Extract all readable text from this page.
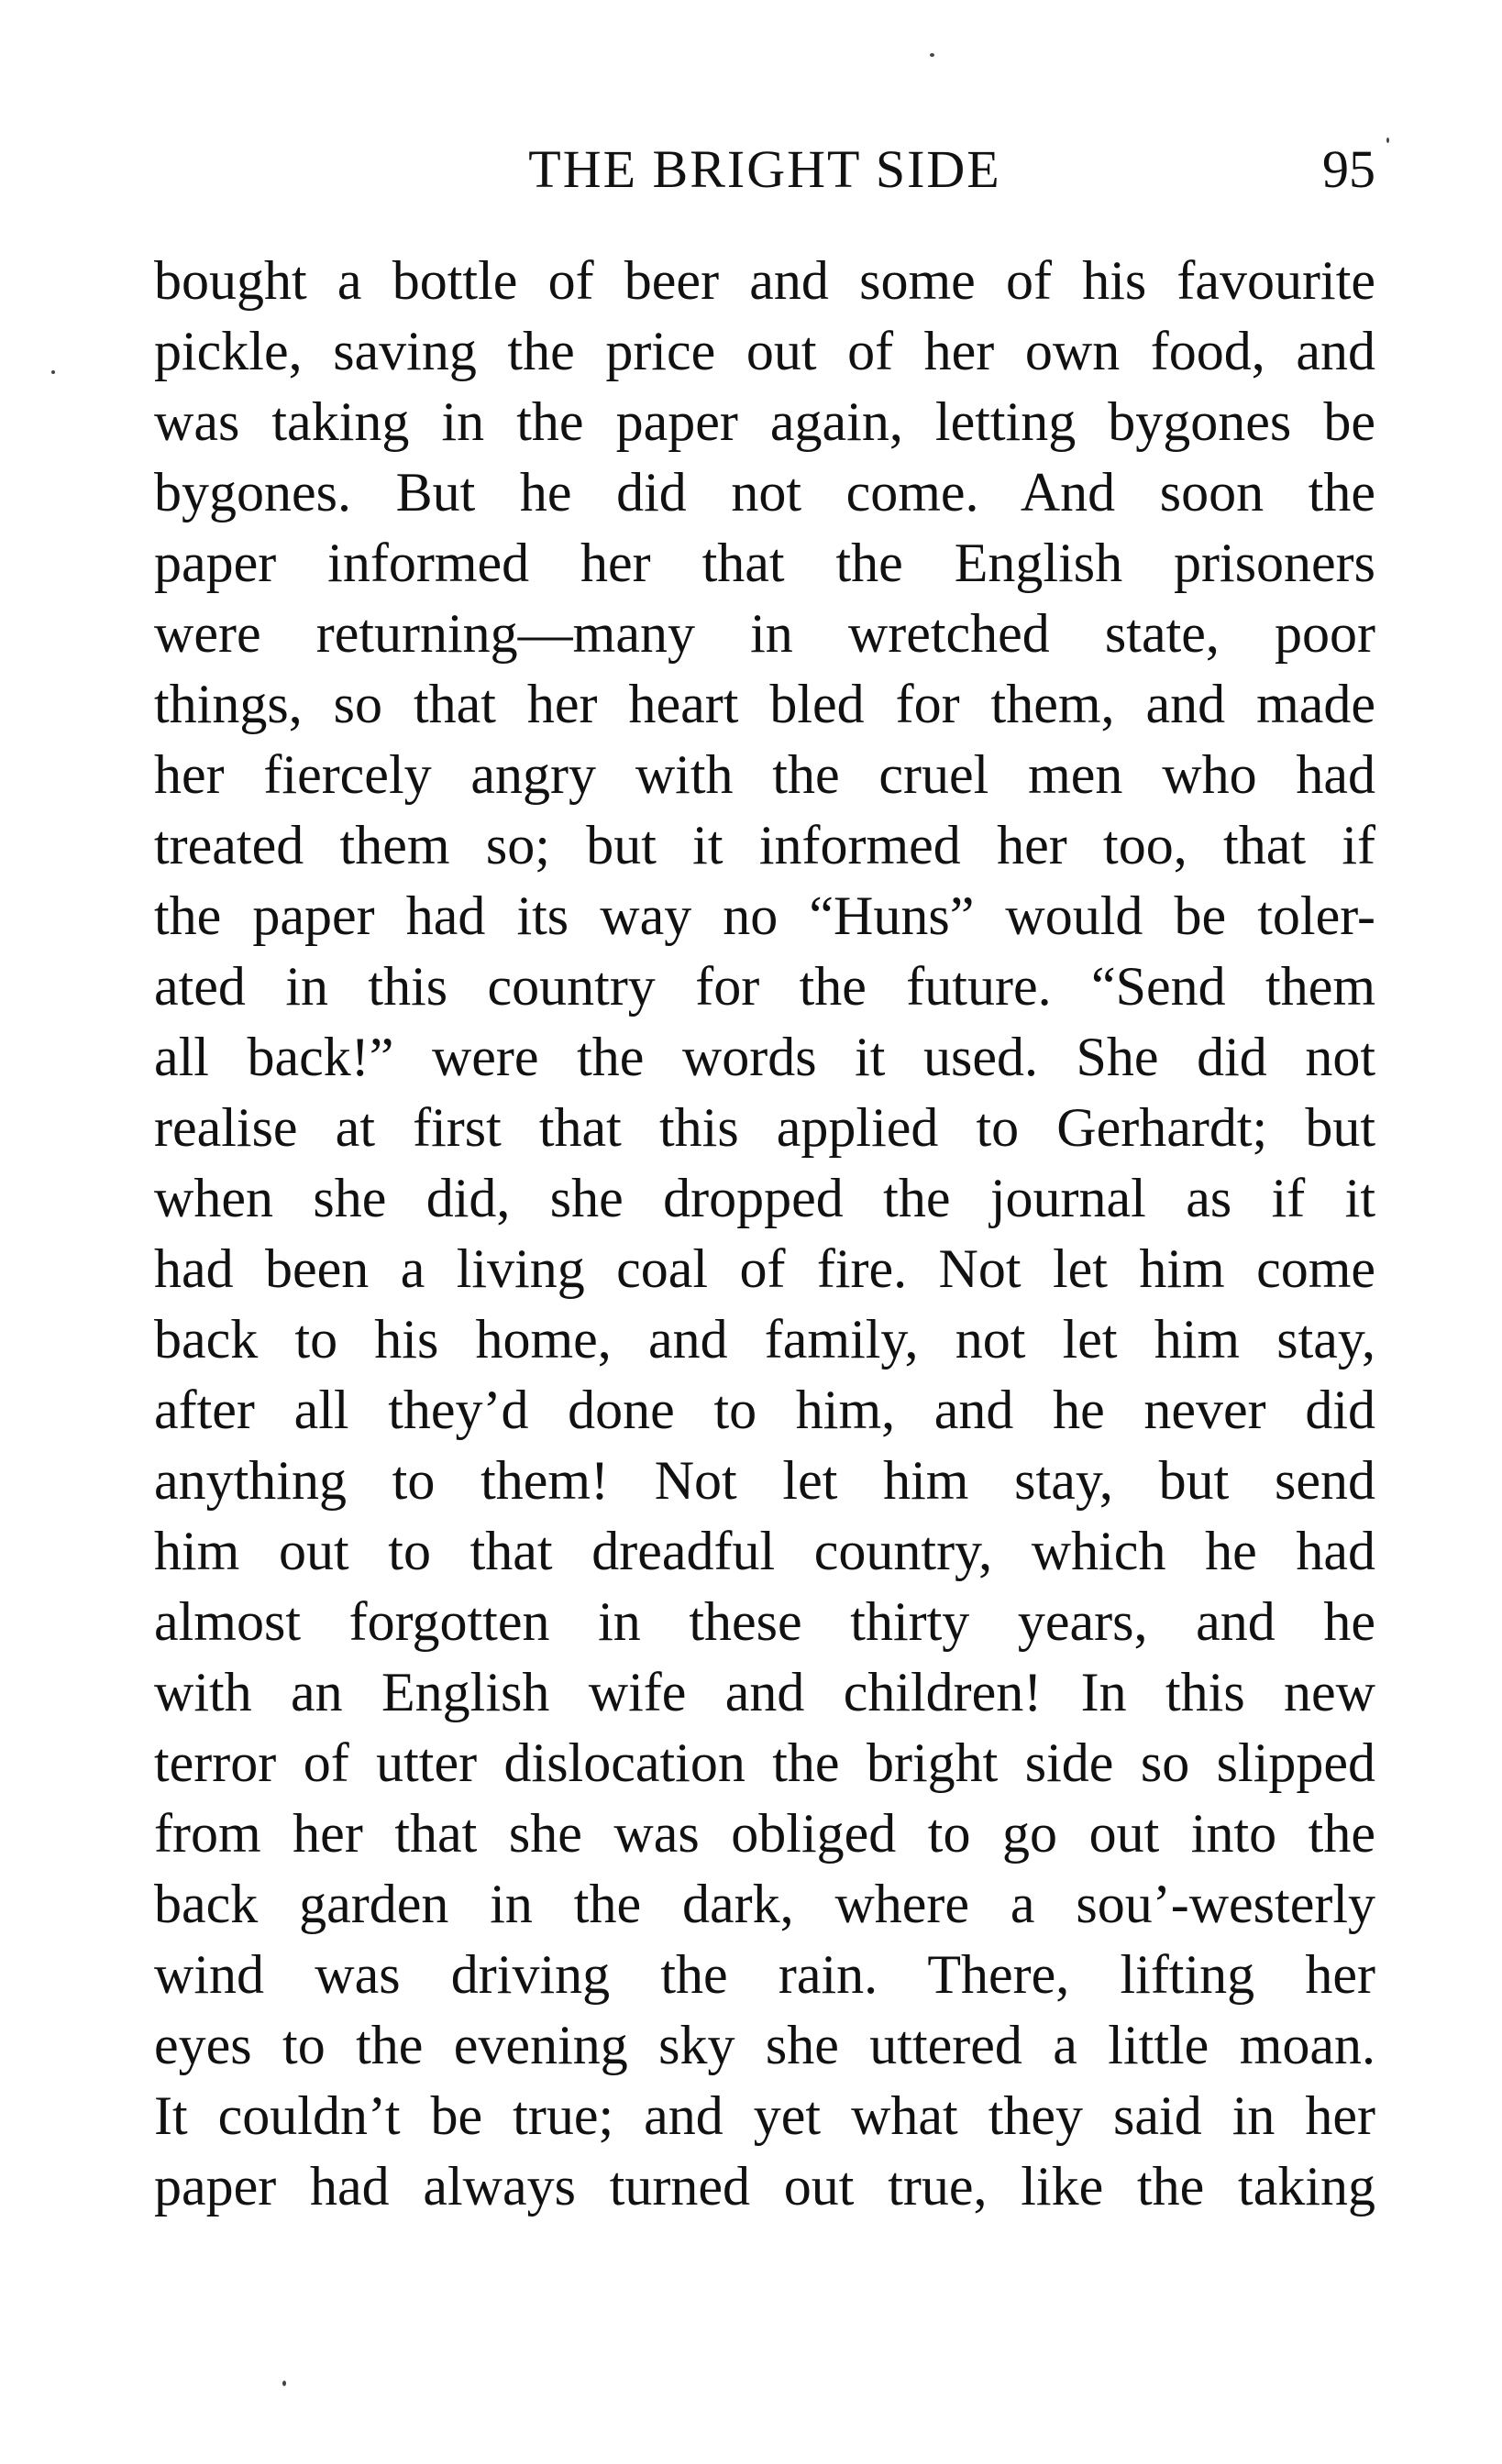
THE BRIGHT SIDE	95
bought a bottle of beer and some of his favourite
pickle, saving the price out of her own food, and
was taking in the paper again, letting bygones be
bygones. But he did not come. And soon the
paper informed her that the English prisoners
were returning—many in wretched state, poor
things, so that her heart bled for them, and made
her fiercely angry with the cruel men who had
treated them so; but it informed her too, that if
the paper had its way no “Huns” would be toler-
ated in this country for the future. “Send them
all back!” were the words it used. She did not
realise at first that this applied to Gerhardt; but
when she did, she dropped the journal as if it
had been a living coal of fire. Not let him come
back to his home, and family, not let him stay,
after all they’d done to him, and he never did
anything to them! Not let him stay, but send
him out to that dreadful country, which he had
almost forgotten in these thirty years, and he
with an English wife and children! In this new
terror of utter dislocation the bright side so slipped
from her that she was obliged to go out into the
back garden in the dark, where a sou’-westerly
wind was driving the rain. There, lifting her
eyes to the evening sky she uttered a little moan.
It couldn’t be true; and yet what they said in her
paper had always turned out true, like the taking
